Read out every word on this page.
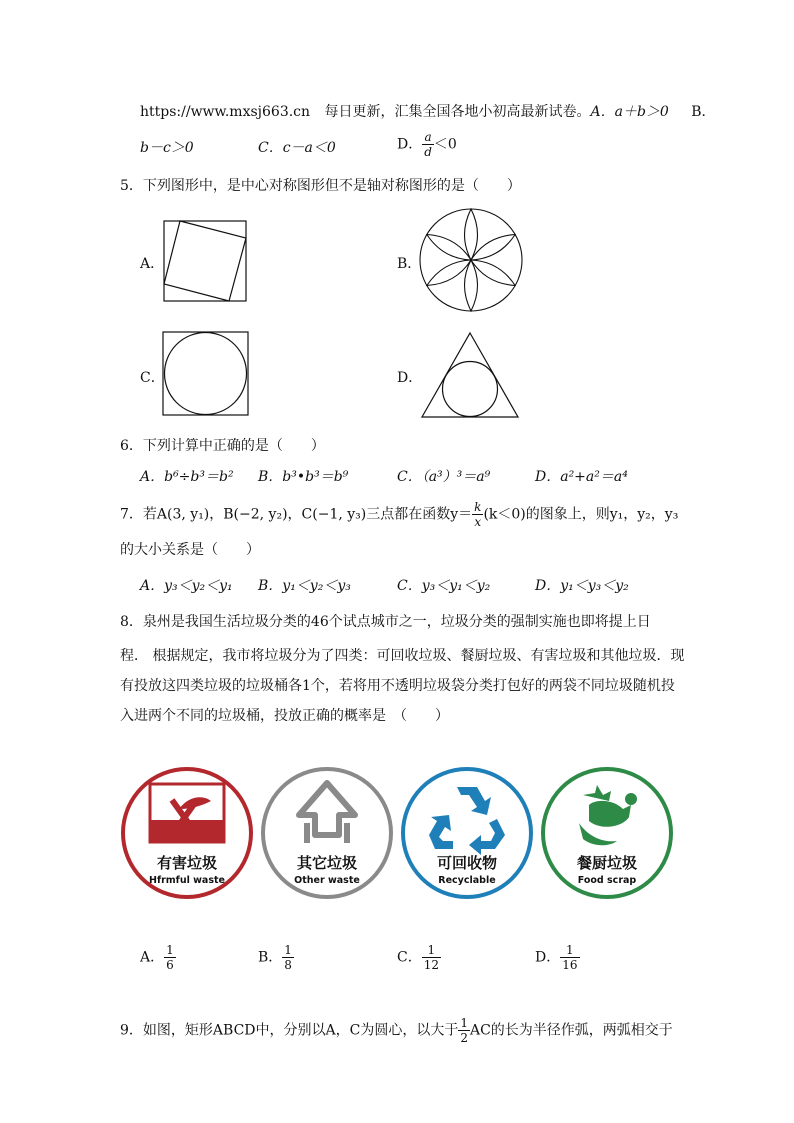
https://www.mxsj663.cn 每日更新，汇集全国各地小初高最新试卷。A．a＋b＞0 B．
b－c＞0	C．c－a＜0	D． $\frac{a}{d} <0$
5．下列图形中，是中心对称图形但不是轴对称图形的是（　　）
A．	B．
C．	D．
6．下列计算中正确的是（　　）
A．b⁶÷b³＝b² B．b³•b³＝b⁹	C．（a³）³＝a⁹	D．a²+a²＝a⁴
7．若A(3, y₁)，B(−2, y₂)，C(−1, y₃)三点都在函数$y= \frac{k}{x} (k<0)$的图象上，则y₁，y₂，y₃
的大小关系是（　　）
A．y₃＜y₂＜y₁ B．y₁＜y₂＜y₃	C．y₃＜y₁＜y₂	D．y₁＜y₃＜y₂
8．泉州是我国生活垃圾分类的46个试点城市之一，垃圾分类的强制实施也即将提上日
程． 根据规定，我市将垃圾分为了四类：可回收垃圾、餐厨垃圾、有害垃圾和其他垃圾．现
有投放这四类垃圾的垃圾桶各1个，若将用不透明垃圾袋分类打包好的两袋不同垃圾随机投
入进两个不同的垃圾桶，投放正确的概率是　（　　）
有害垃圾
Hfrmful waste
其它垃圾
Other waste
可回收物
Recyclable
餐厨垃圾
Food scrap
A． $\frac{1}{6}$	B． $\frac{1}{8}$	C． $\frac{1}{12}$	D． $\frac{1}{16}$
9．如图，矩形ABCD中，分别以A，C为圆心，以大于 $\frac{1}{2}$ AC的长为半径作弧，两弧相交于
